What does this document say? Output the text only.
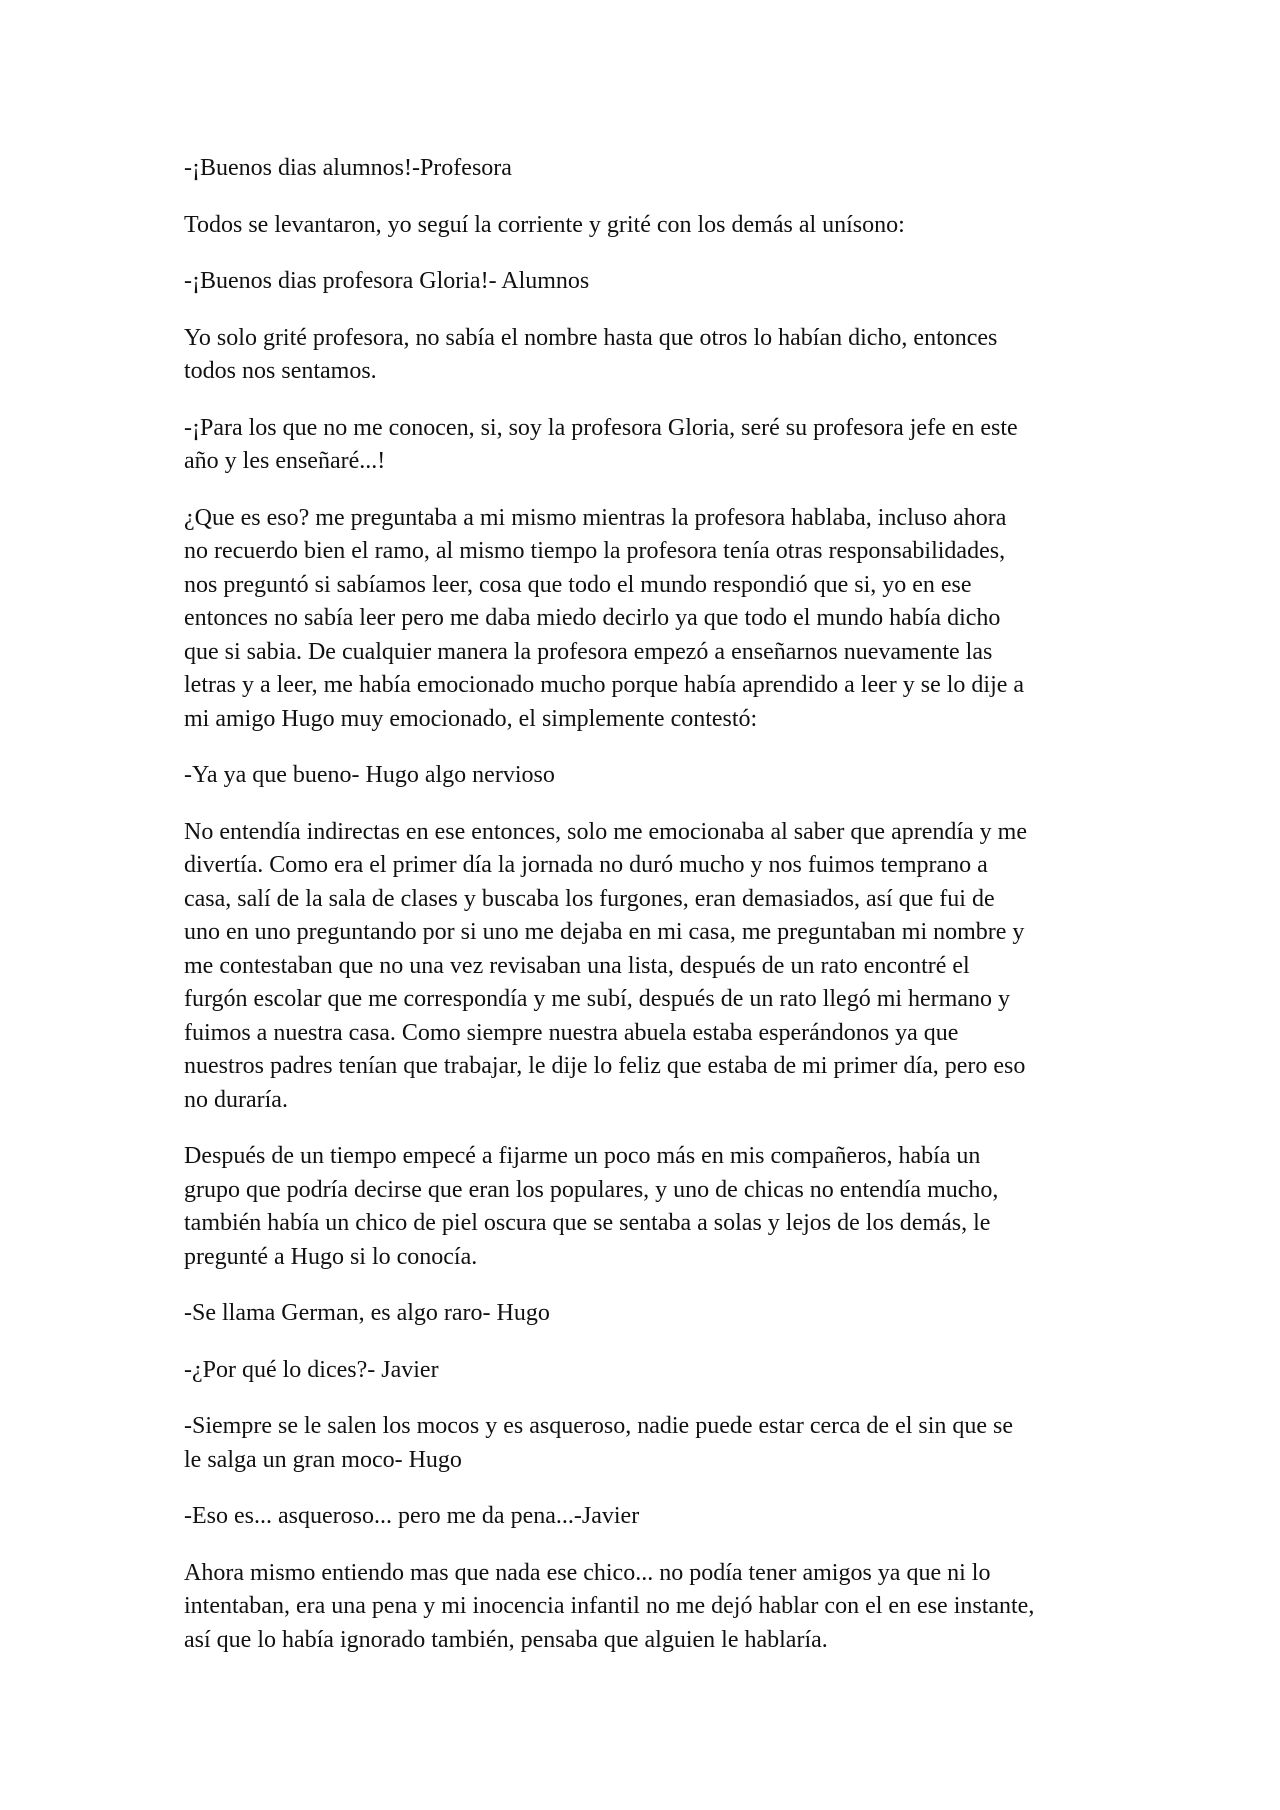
-¡Buenos dias alumnos!-Profesora

Todos se levantaron, yo seguí la corriente y grité con los demás al unísono:

-¡Buenos dias profesora Gloria!- Alumnos

Yo solo grité profesora, no sabía el nombre hasta que otros lo habían dicho, entonces
todos nos sentamos.

-¡Para los que no me conocen, si, soy la profesora Gloria, seré su profesora jefe en este
año y les enseñaré...!

¿Que es eso? me preguntaba a mi mismo mientras la profesora hablaba, incluso ahora
no recuerdo bien el ramo, al mismo tiempo la profesora tenía otras responsabilidades,
nos preguntó si sabíamos leer, cosa que todo el mundo respondió que si, yo en ese
entonces no sabía leer pero me daba miedo decirlo ya que todo el mundo había dicho
que si sabia. De cualquier manera la profesora empezó a enseñarnos nuevamente las
letras y a leer, me había emocionado mucho porque había aprendido a leer y se lo dije a
mi amigo Hugo muy emocionado, el simplemente contestó:

-Ya ya que bueno- Hugo algo nervioso

No entendía indirectas en ese entonces, solo me emocionaba al saber que aprendía y me
divertía. Como era el primer día la jornada no duró mucho y nos fuimos temprano a
casa, salí de la sala de clases y buscaba los furgones, eran demasiados, así que fui de
uno en uno preguntando por si uno me dejaba en mi casa, me preguntaban mi nombre y
me contestaban que no una vez revisaban una lista, después de un rato encontré el
furgón escolar que me correspondía y me subí, después de un rato llegó mi hermano y
fuimos a nuestra casa. Como siempre nuestra abuela estaba esperándonos ya que
nuestros padres tenían que trabajar, le dije lo feliz que estaba de mi primer día, pero eso
no duraría.

Después de un tiempo empecé a fijarme un poco más en mis compañeros, había un
grupo que podría decirse que eran los populares, y uno de chicas no entendía mucho,
también había un chico de piel oscura que se sentaba a solas y lejos de los demás, le
pregunté a Hugo si lo conocía.

-Se llama German, es algo raro- Hugo

-¿Por qué lo dices?- Javier

-Siempre se le salen los mocos y es asqueroso, nadie puede estar cerca de el sin que se
le salga un gran moco- Hugo

-Eso es... asqueroso... pero me da pena...-Javier

Ahora mismo entiendo mas que nada ese chico... no podía tener amigos ya que ni lo
intentaban, era una pena y mi inocencia infantil no me dejó hablar con el en ese instante,
así que lo había ignorado también, pensaba que alguien le hablaría.
